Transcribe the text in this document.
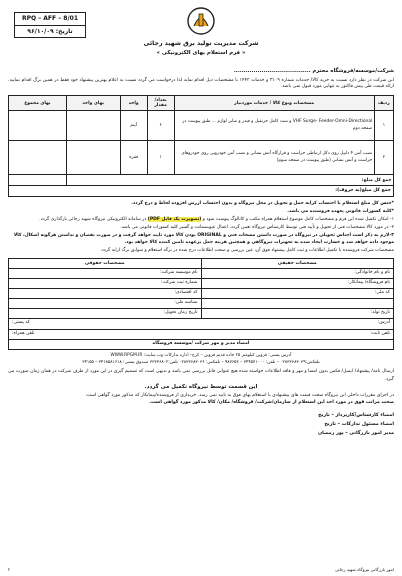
RPQ – AFF – 8/01
تاریخ: ۹۶/۱۰/۰۹
شرکت مدیریت تولید برق شهید رجائی
« فرم استعلام بهای الکترونیکی »
شرکت/موسسه/فروشگاه محترم .......................................
این شرکت در نظر دارد نسبت به خرید کالا/ خدمات شماره ۳۱۰۹ و خدمات ۱۴۴۲ با مشخصات ذیل اقدام نماید لذا درخواست می گردد نسبت به اعلام بهترین پیشنهاد خود فقط در همین برگ اقدام نمایید. ارائه قیمت طی پیش فاکتور به تنهایی مورد قبول نمی باشد.
ردیف	مشخصات ونوع کالا / خدمات موردنیاز	تعداد/ مقدار	واحد	بهای واحد	بهای مجموع
۱	VHF Surge- Feeder-Omni-Directional و ست کامل جرثقیل و فیدر و سایر لوازم ... طبق پیوست در صفحه دوم	۶	آیتم		
۲	نصب آنتن ۴ دایپل روی دکل ارتباطی حراست و قرارگاه آتش نشانی و نصب آنتن خودرویی روی خودروهای حراست و آتش نشانی (طبق پیوست در صفحه سوم)	۱	فقره		
جمع کل مبلغ:					
جمع کل مبلغ(به حروف):

*جنس کل مبلغ استعلام با احتساب کرایه حمل و تحویل در محل نیروگاه و بدون احتساب ارزش افزوده لحاظ و درج گردد.

*کلیه کسورات قانونی بعهده فروشنده می باشد.

۱- امکان تکمیل شده این فرم و مشخصات کامل موضوع استعلام همراه مکتب و کاتالوگ پیوست شود و (تصویرت یک فایل PDF) در سامانه الکترونیکی نیروگاه شهید رجائی بارگذاری گردد.

۲- در مورد کالا مشخصات فنی از تحویل و تأیید فنی توسط کارشناس نیروگاه تعیین گردد، اعمال عیوبضمانت و گسیر کلیه کسورات قانونی می باشد.

۳-لازم به ذکر است اجناس تحویلی در نیروگاه در صورت داشتن مشخات فنی و ORIGINAL بودن کالا مورد تایید خواهد گرفت و در صورت نقصان و نداشتن هرگونه اشکال، کالا موجود داده خواهد شد و خسارت ایجاد شده به تجهیزات نیروگاهی و همچنین هزینه حمل برعهده تامین کننده کالا خواهد بود.

مشخصات شرکت فروشنده با تکمیل اطلاعات و ثبت کامل پیشنهاد فوق آن، عین بررسی و صحت اطلاعات درج شده در برگه استعلام و سوابق برگ ارایه گردد.

مشخصات حقیقی	مشخصات حقوقی
نام و نام خانوادگی:	نام موسسه شرکت:
نام فروشگاه/ پیمانکار:	شماره ثبت شرکت:
کد ملی:	کد اقتصادی:
	شناسه ملی:
تاریخ تولد:	تاریخ زمان تحویل:
آدرس:
کد پستی:
تلفن ثابت:
تلفن همراه:
امضاء مدیر و مهر شرکت /موسسه فروشگاه
آدرس پستی: قزوین کیلومتر ۲۵ جاده قدیم قزوین – کرج– اداره تدارکات وب سایت: WWW.RPGM.IR
تلفکس:۰۲۸۳۳۶۸۳۰۳۹ – تلفن: ۳۴۴۵۷۱۰۰۰ – ۹۸۷۶۵۳ – تلفکس: ۰۲۸۳۳۶۸۳۰۳۶ تلفن:۳۳۳۳۶۸۰۲ صندوق پستی: ۳۴۱۸۵۸۱۶۱۸ – ۳۴۱۵۵

ارسال نامه/ پیشنهاد/ ایمیل/ فکس بدون امضا و مهر و فاقد اطلاعات خواسته شده هیچ عنوانی قابل بررسی نمی باشد و بدیهی است که تصمیم گیری در این مورد از طرف شرکت در همان زمان صورت می گیرد.

این قسمت توسط نیروگاه تکمیل می گردد.

در اجرای مقررات داخلی این نیروگاه صحت قیمت های پیشنهادی با استعلام بهای فوق به تایید نمی رسد. خریداری از فروشنده/پیمانکار که مذکور مورد گواهی است.

صحت مراتب فوق در مورد اخذ این استعلام از سازمان/شرکت/ فروشگاه/ مکان/ کالا مذکور مورد گواهی است.

امضاء کارشناس/کارپرداز – تاریخ
امضاء مسئول تدارکات – تاریخ
مدیر امور بازرگانی – پور رمضان
امور بازرگانی نیروگاه شهید رجائی
۲
